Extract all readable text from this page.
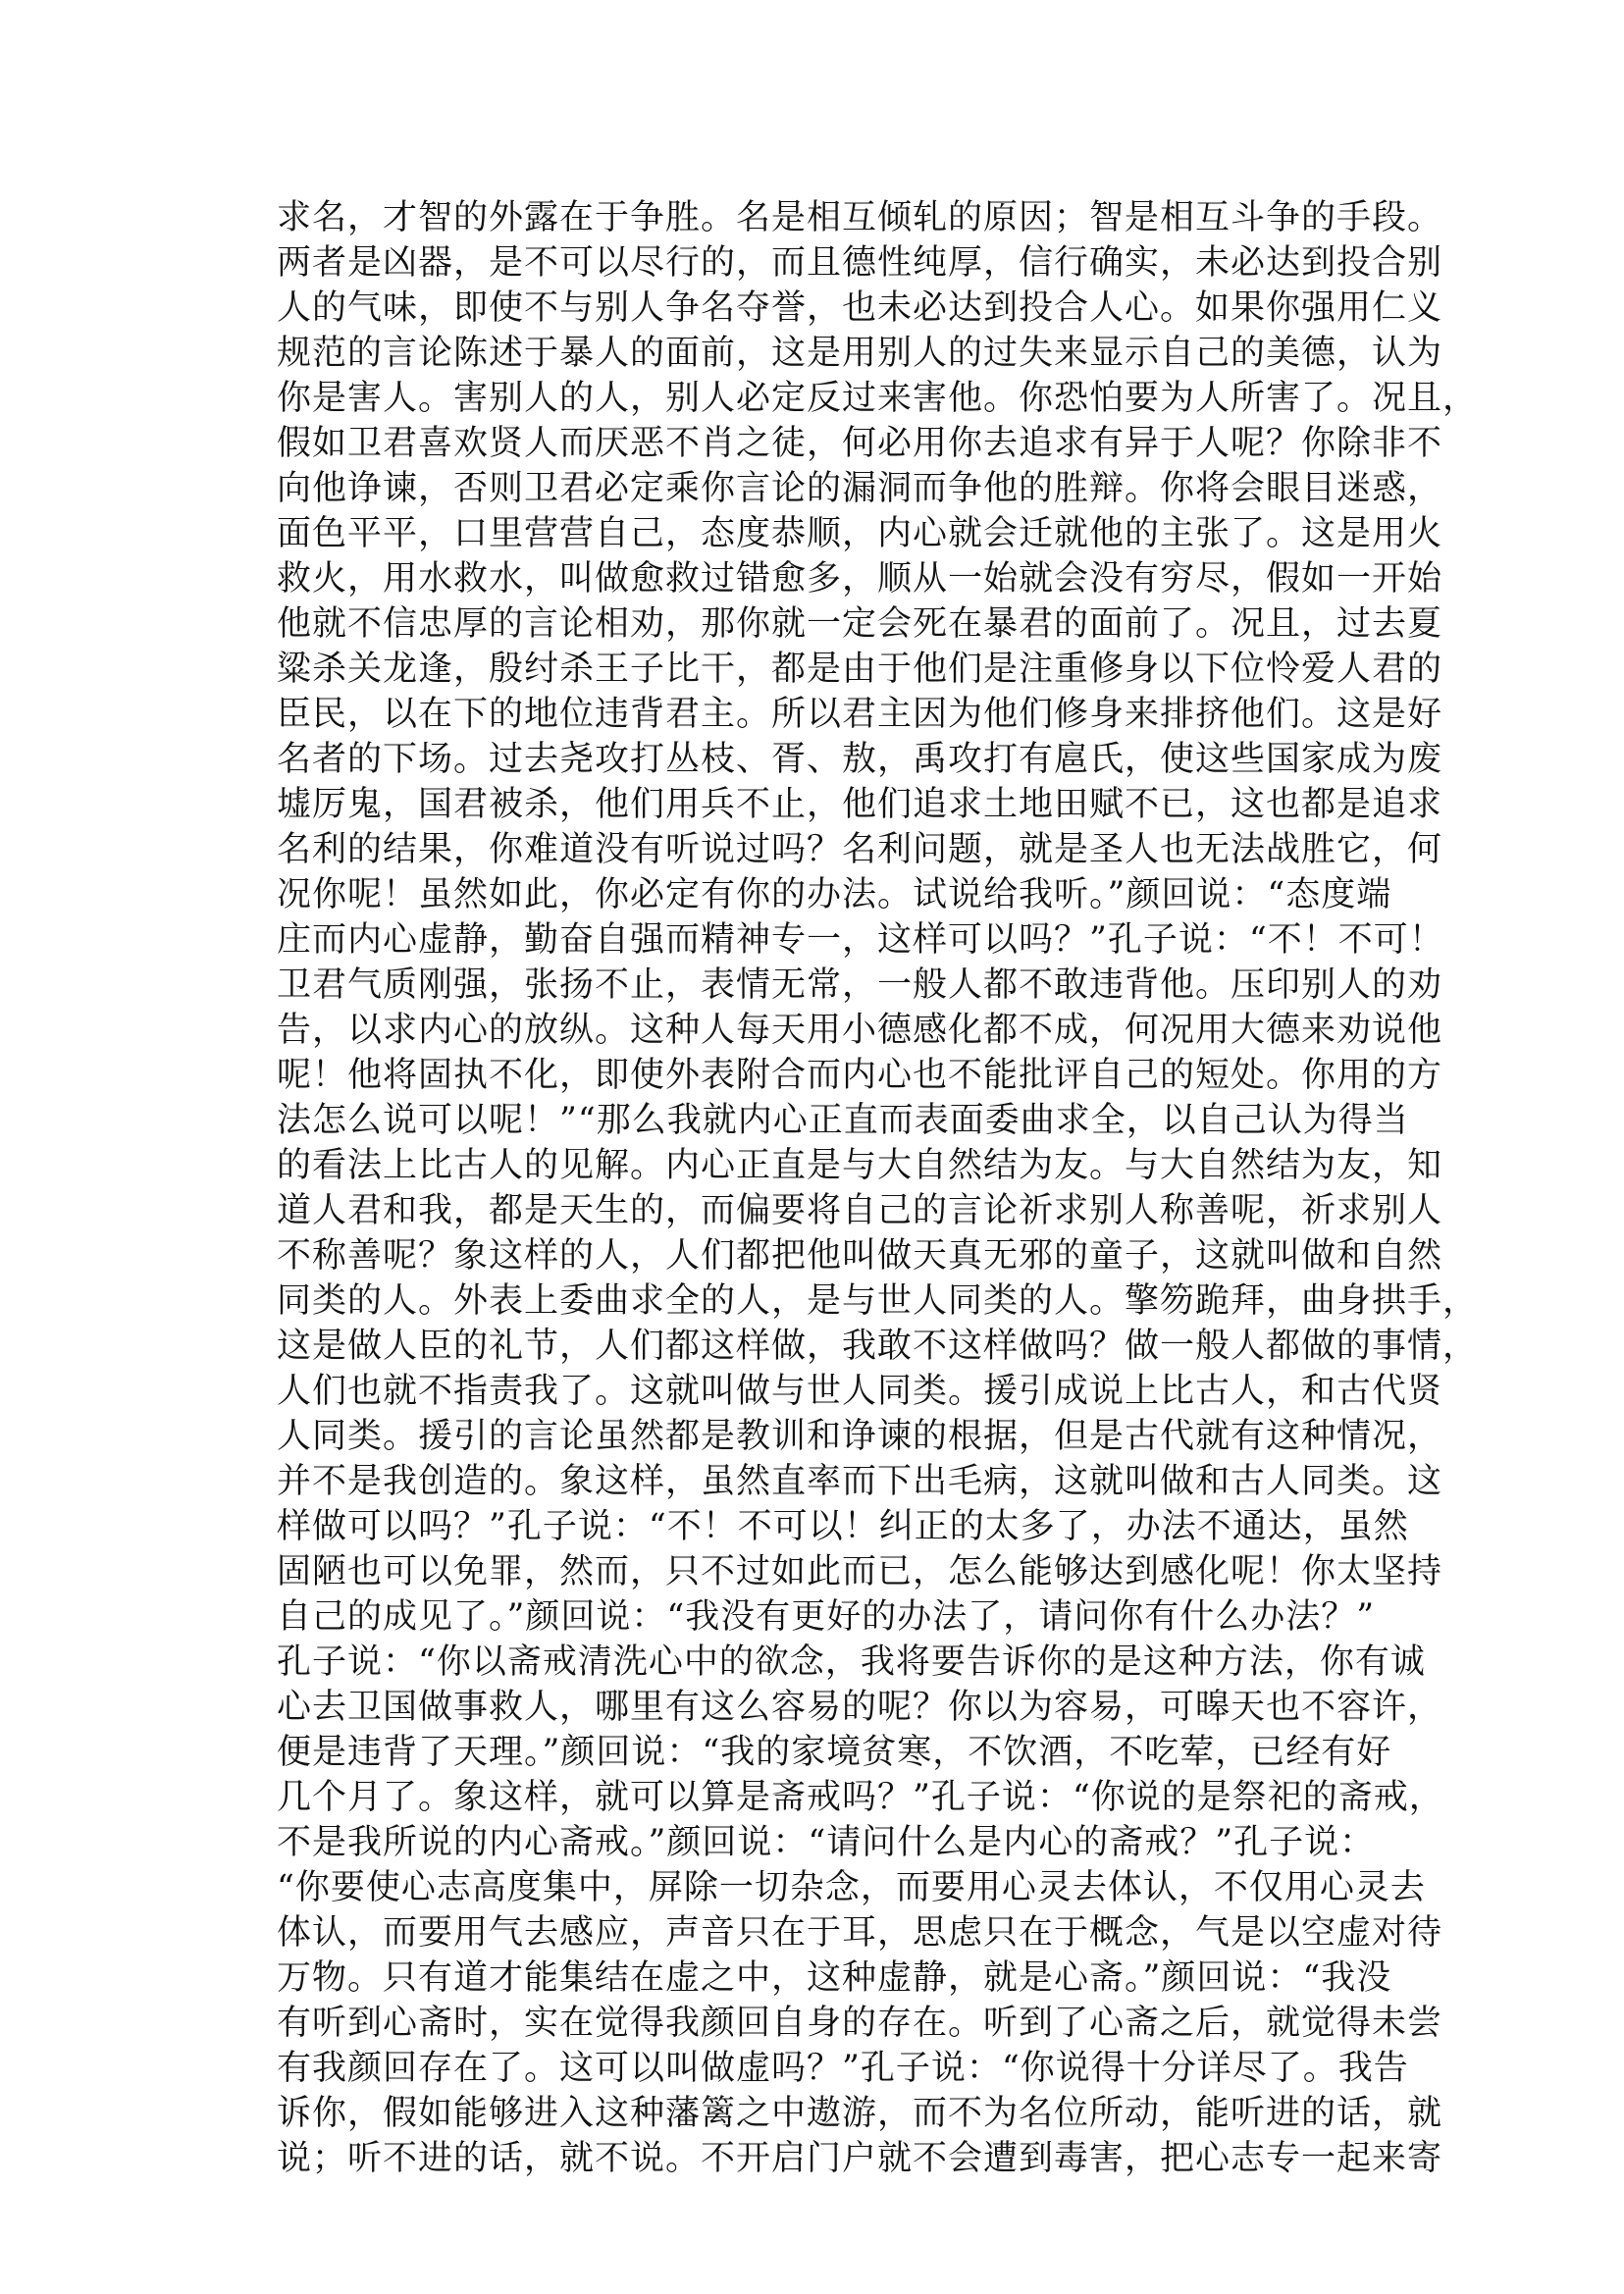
求名，才智的外露在于争胜。名是相互倾轧的原因；智是相互斗争的手段。
两者是凶器，是不可以尽行的，而且德性纯厚，信行确实，未必达到投合别
人的气味，即使不与别人争名夺誉，也未必达到投合人心。如果你强用仁义
规范的言论陈述于暴人的面前，这是用别人的过失来显示自己的美德，认为
你是害人。害别人的人，别人必定反过来害他。你恐怕要为人所害了。况且，
假如卫君喜欢贤人而厌恶不肖之徒，何必用你去追求有异于人呢？你除非不
向他诤谏，否则卫君必定乘你言论的漏洞而争他的胜辩。你将会眼目迷惑，
面色平平，口里营营自己，态度恭顺，内心就会迁就他的主张了。这是用火
救火，用水救水，叫做愈救过错愈多，顺从一始就会没有穷尽，假如一开始
他就不信忠厚的言论相劝，那你就一定会死在暴君的面前了。况且，过去夏
粱杀关龙逢，殷纣杀王子比干，都是由于他们是注重修身以下位怜爱人君的
臣民，以在下的地位违背君主。所以君主因为他们修身来排挤他们。这是好
名者的下场。过去尧攻打丛枝、胥、敖，禹攻打有扈氏，使这些国家成为废
墟厉鬼，国君被杀，他们用兵不止，他们追求土地田赋不已，这也都是追求
名利的结果，你难道没有听说过吗？名利问题，就是圣人也无法战胜它，何
况你呢！虽然如此，你必定有你的办法。试说给我听。”颜回说：“态度端
庄而内心虚静，勤奋自强而精神专一，这样可以吗？”孔子说：“不！不可！
卫君气质刚强，张扬不止，表情无常，一般人都不敢违背他。压印别人的劝
告，以求内心的放纵。这种人每天用小德感化都不成，何况用大德来劝说他
呢！他将固执不化，即使外表附合而内心也不能批评自己的短处。你用的方
法怎么说可以呢！”“那么我就内心正直而表面委曲求全，以自己认为得当
的看法上比古人的见解。内心正直是与大自然结为友。与大自然结为友，知
道人君和我，都是天生的，而偏要将自己的言论祈求别人称善呢，祈求别人
不称善呢？象这样的人，人们都把他叫做天真无邪的童子，这就叫做和自然
同类的人。外表上委曲求全的人，是与世人同类的人。擎笏跪拜，曲身拱手，
这是做人臣的礼节，人们都这样做，我敢不这样做吗？做一般人都做的事情，
人们也就不指责我了。这就叫做与世人同类。援引成说上比古人，和古代贤
人同类。援引的言论虽然都是教训和诤谏的根据，但是古代就有这种情况，
并不是我创造的。象这样，虽然直率而下出毛病，这就叫做和古人同类。这
样做可以吗？”孔子说：“不！不可以！纠正的太多了，办法不通达，虽然
固陋也可以免罪，然而，只不过如此而已，怎么能够达到感化呢！你太坚持
自己的成见了。”颜回说：“我没有更好的办法了，请问你有什么办法？”
孔子说：“你以斋戒清洗心中的欲念，我将要告诉你的是这种方法，你有诚
心去卫国做事救人，哪里有这么容易的呢？你以为容易，可暤天也不容许，
便是违背了天理。”颜回说：“我的家境贫寒，不饮酒，不吃荤，已经有好
几个月了。象这样，就可以算是斋戒吗？”孔子说：“你说的是祭祀的斋戒，
不是我所说的内心斋戒。”颜回说：“请问什么是内心的斋戒？”孔子说：
“你要使心志高度集中，屏除一切杂念，而要用心灵去体认，不仅用心灵去
体认，而要用气去感应，声音只在于耳，思虑只在于概念，气是以空虚对待
万物。只有道才能集结在虚之中，这种虚静，就是心斋。”颜回说：“我没
有听到心斋时，实在觉得我颜回自身的存在。听到了心斋之后，就觉得未尝
有我颜回存在了。这可以叫做虚吗？”孔子说：“你说得十分详尽了。我告
诉你，假如能够进入这种藩篱之中遨游，而不为名位所动，能听进的话，就
说；听不进的话，就不说。不开启门户就不会遭到毒害，把心志专一起来寄
